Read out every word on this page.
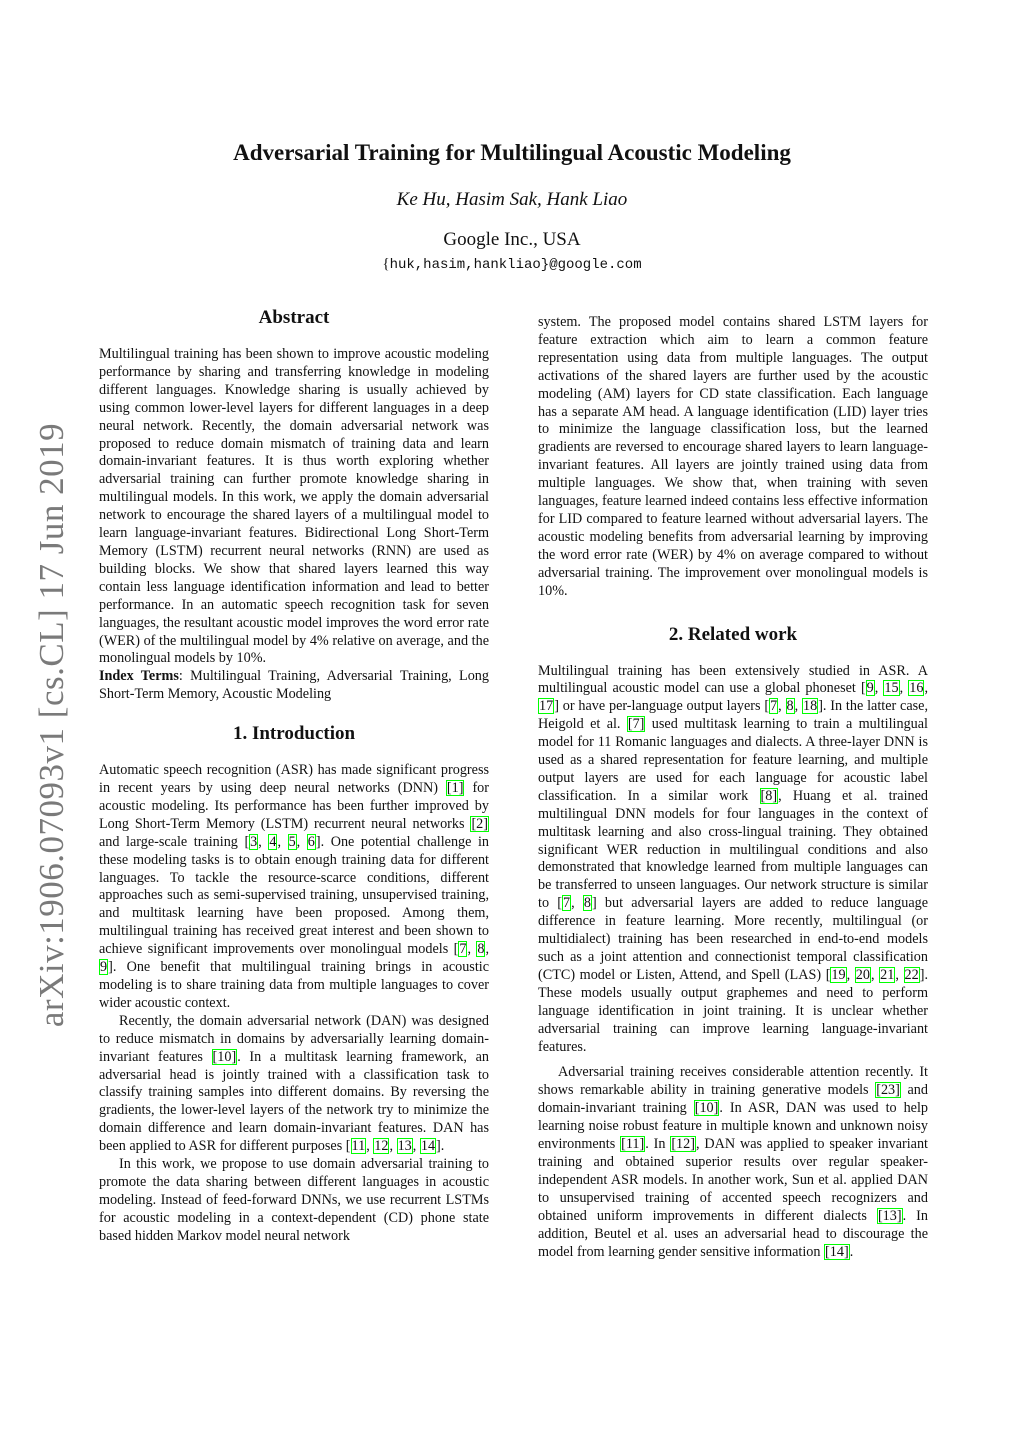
arXiv:1906.07093v1 [cs.CL] 17 Jun 2019
Adversarial Training for Multilingual Acoustic Modeling
Ke Hu, Hasim Sak, Hank Liao
Google Inc., USA
{huk,hasim,hankliao}@google.com
Abstract

Multilingual training has been shown to improve acoustic modeling performance by sharing and transferring knowledge in modeling different languages. Knowledge sharing is usually achieved by using common lower-level layers for different languages in a deep neural network. Recently, the domain adversarial network was proposed to reduce domain mismatch of training data and learn domain-invariant features. It is thus worth exploring whether adversarial training can further promote knowledge sharing in multilingual models. In this work, we apply the domain adversarial network to encourage the shared layers of a multilingual model to learn language-invariant features. Bidirectional Long Short-Term Memory (LSTM) recurrent neural networks (RNN) are used as building blocks. We show that shared layers learned this way contain less language identification information and lead to better performance. In an automatic speech recognition task for seven languages, the resultant acoustic model improves the word error rate (WER) of the multilingual model by 4% relative on average, and the monolingual models by 10%.

Index Terms: Multilingual Training, Adversarial Training, Long Short-Term Memory, Acoustic Modeling

1. Introduction

Automatic speech recognition (ASR) has made significant progress in recent years by using deep neural networks (DNN) [1] for acoustic modeling. Its performance has been further improved by Long Short-Term Memory (LSTM) recurrent neural networks [2] and large-scale training [3, 4, 5, 6]. One potential challenge in these modeling tasks is to obtain enough training data for different languages. To tackle the resource-scarce conditions, different approaches such as semi-supervised training, unsupervised training, and multitask learning have been proposed. Among them, multilingual training has received great interest and been shown to achieve significant improvements over monolingual models [7, 8, 9]. One benefit that multilingual training brings in acoustic modeling is to share training data from multiple languages to cover wider acoustic context.

Recently, the domain adversarial network (DAN) was designed to reduce mismatch in domains by adversarially learning domain-invariant features [10]. In a multitask learning framework, an adversarial head is jointly trained with a classification task to classify training samples into different domains. By reversing the gradients, the lower-level layers of the network try to minimize the domain difference and learn domain-invariant features. DAN has been applied to ASR for different purposes [11, 12, 13, 14].

In this work, we propose to use domain adversarial training to promote the data sharing between different languages in acoustic modeling. Instead of feed-forward DNNs, we use recurrent LSTMs for acoustic modeling in a context-dependent (CD) phone state based hidden Markov model neural network

system. The proposed model contains shared LSTM layers for feature extraction which aim to learn a common feature representation using data from multiple languages. The output activations of the shared layers are further used by the acoustic modeling (AM) layers for CD state classification. Each language has a separate AM head. A language identification (LID) layer tries to minimize the language classification loss, but the learned gradients are reversed to encourage shared layers to learn language-invariant features. All layers are jointly trained using data from multiple languages. We show that, when training with seven languages, feature learned indeed contains less effective information for LID compared to feature learned without adversarial layers. The acoustic modeling benefits from adversarial learning by improving the word error rate (WER) by 4% on average compared to without adversarial training. The improvement over monolingual models is 10%.

2. Related work

Multilingual training has been extensively studied in ASR. A multilingual acoustic model can use a global phoneset [9, 15, 16, 17] or have per-language output layers [7, 8, 18]. In the latter case, Heigold et al. [7] used multitask learning to train a multilingual model for 11 Romanic languages and dialects. A three-layer DNN is used as a shared representation for feature learning, and multiple output layers are used for each language for acoustic label classification. In a similar work [8], Huang et al. trained multilingual DNN models for four languages in the context of multitask learning and also cross-lingual training. They obtained significant WER reduction in multilingual conditions and also demonstrated that knowledge learned from multiple languages can be transferred to unseen languages. Our network structure is similar to [7, 8] but adversarial layers are added to reduce language difference in feature learning. More recently, multilingual (or multidialect) training has been researched in end-to-end models such as a joint attention and connectionist temporal classification (CTC) model or Listen, Attend, and Spell (LAS) [19, 20, 21, 22]. These models usually output graphemes and need to perform language identification in joint training. It is unclear whether adversarial training can improve learning language-invariant features.

Adversarial training receives considerable attention recently. It shows remarkable ability in training generative models [23] and domain-invariant training [10]. In ASR, DAN was used to help learning noise robust feature in multiple known and unknown noisy environments [11]. In [12], DAN was applied to speaker invariant training and obtained superior results over regular speaker-independent ASR models. In another work, Sun et al. applied DAN to unsupervised training of accented speech recognizers and obtained uniform improvements in different dialects [13]. In addition, Beutel et al. uses an adversarial head to discourage the model from learning gender sensitive information [14].
